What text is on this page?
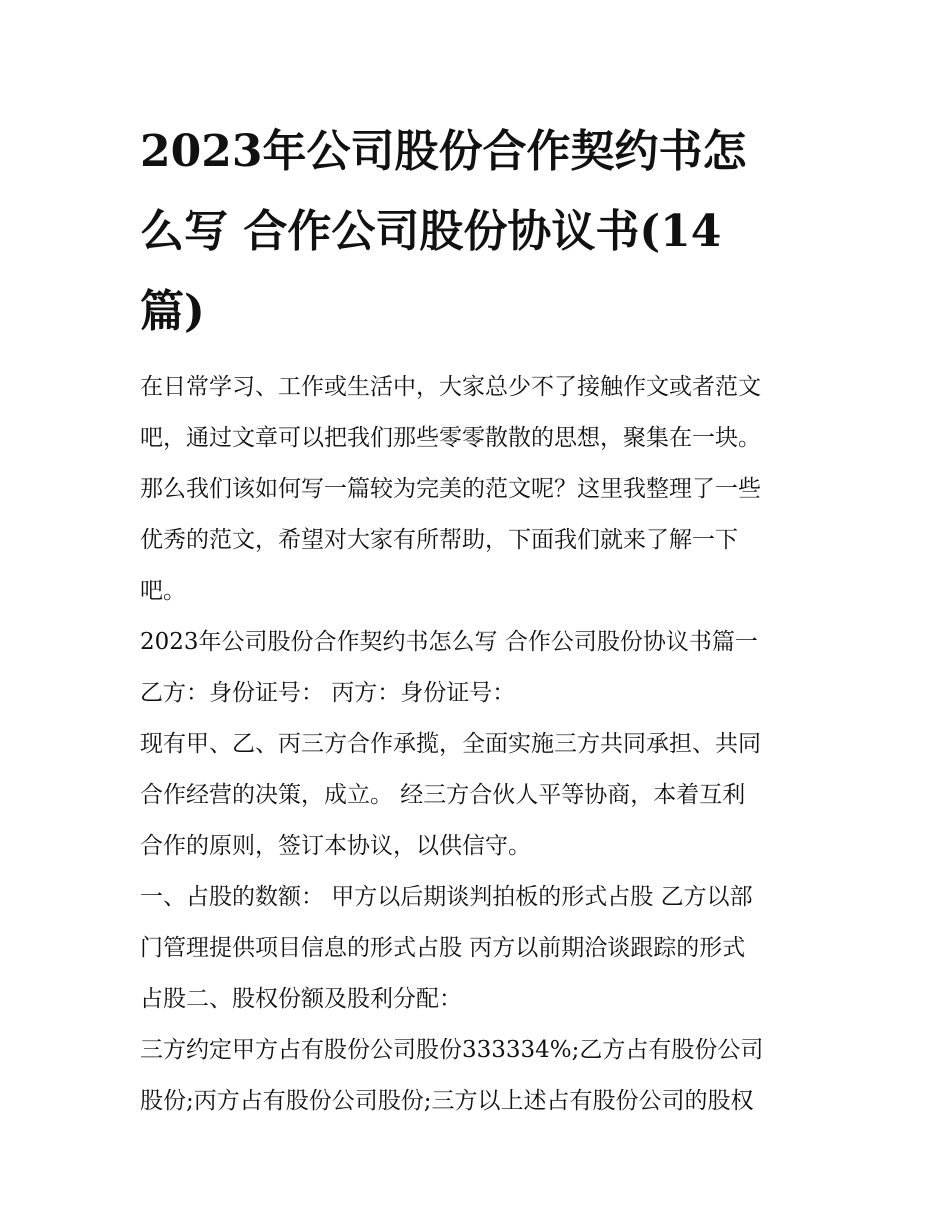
2023年公司股份合作契约书怎
么写 合作公司股份协议书(14
篇)

在日常学习、工作或生活中，大家总少不了接触作文或者范文
吧，通过文章可以把我们那些零零散散的思想，聚集在一块。
那么我们该如何写一篇较为完美的范文呢？这里我整理了一些
优秀的范文，希望对大家有所帮助，下面我们就来了解一下
吧。

2023年公司股份合作契约书怎么写 合作公司股份协议书篇一

乙方：身份证号： 丙方：身份证号：

现有甲、乙、丙三方合作承揽，全面实施三方共同承担、共同
合作经营的决策，成立。 经三方合伙人平等协商，本着互利
合作的原则，签订本协议，以供信守。

一、占股的数额： 甲方以后期谈判拍板的形式占股 乙方以部
门管理提供项目信息的形式占股 丙方以前期洽谈跟踪的形式
占股二、股权份额及股利分配：

三方约定甲方占有股份公司股份333334%;乙方占有股份公司
股份;丙方占有股份公司股份;三方以上述占有股份公司的股权
